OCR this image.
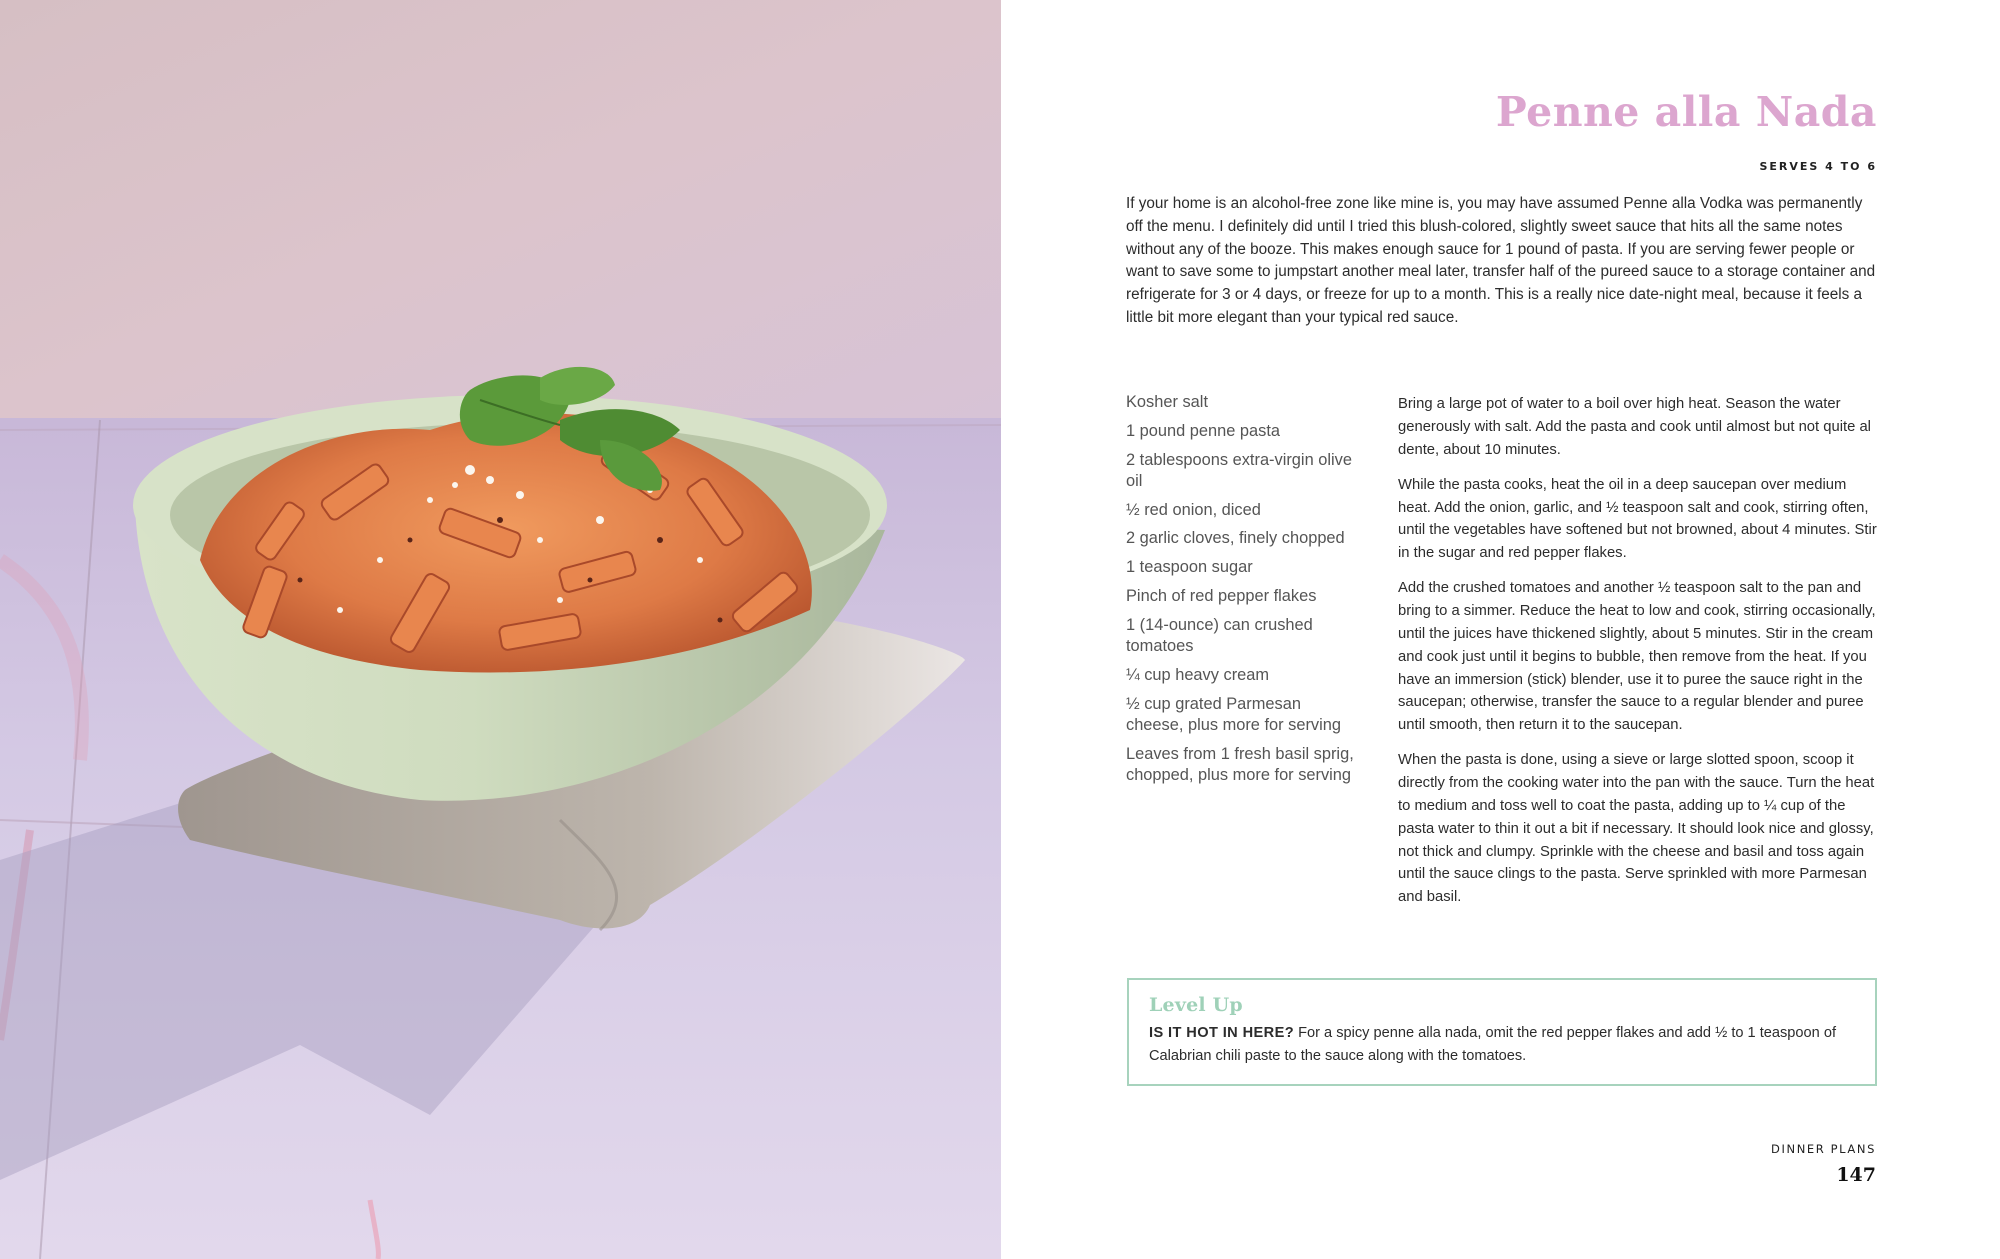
Penne alla Nada
SERVES 4 TO 6

If your home is an alcohol-free zone like mine is, you may have assumed Penne alla Vodka was permanently off the menu. I definitely did until I tried this blush-colored, slightly sweet sauce that hits all the same notes without any of the booze. This makes enough sauce for 1 pound of pasta. If you are serving fewer people or want to save some to jumpstart another meal later, transfer half of the pureed sauce to a storage container and refrigerate for 3 or 4 days, or freeze for up to a month. This is a really nice date-night meal, because it feels a little bit more elegant than your typical red sauce.

Kosher salt
1 pound penne pasta
2 tablespoons extra-virgin olive oil
½ red onion, diced
2 garlic cloves, finely chopped
1 teaspoon sugar
Pinch of red pepper flakes
1 (14-ounce) can crushed tomatoes
¼ cup heavy cream
½ cup grated Parmesan cheese, plus more for serving
Leaves from 1 fresh basil sprig, chopped, plus more for serving

Bring a large pot of water to a boil over high heat. Season the water generously with salt. Add the pasta and cook until almost but not quite al dente, about 10 minutes.

While the pasta cooks, heat the oil in a deep saucepan over medium heat. Add the onion, garlic, and ½ teaspoon salt and cook, stirring often, until the vegetables have softened but not browned, about 4 minutes. Stir in the sugar and red pepper flakes.

Add the crushed tomatoes and another ½ teaspoon salt to the pan and bring to a simmer. Reduce the heat to low and cook, stirring occasionally, until the juices have thickened slightly, about 5 minutes. Stir in the cream and cook just until it begins to bubble, then remove from the heat. If you have an immersion (stick) blender, use it to puree the sauce right in the saucepan; otherwise, transfer the sauce to a regular blender and puree until smooth, then return it to the saucepan.

When the pasta is done, using a sieve or large slotted spoon, scoop it directly from the cooking water into the pan with the sauce. Turn the heat to medium and toss well to coat the pasta, adding up to ¼ cup of the pasta water to thin it out a bit if necessary. It should look nice and glossy, not thick and clumpy. Sprinkle with the cheese and basil and toss again until the sauce clings to the pasta. Serve sprinkled with more Parmesan and basil.

Level Up
IS IT HOT IN HERE? For a spicy penne alla nada, omit the red pepper flakes and add ½ to 1 teaspoon of Calabrian chili paste to the sauce along with the tomatoes.
DINNER PLANS
147
